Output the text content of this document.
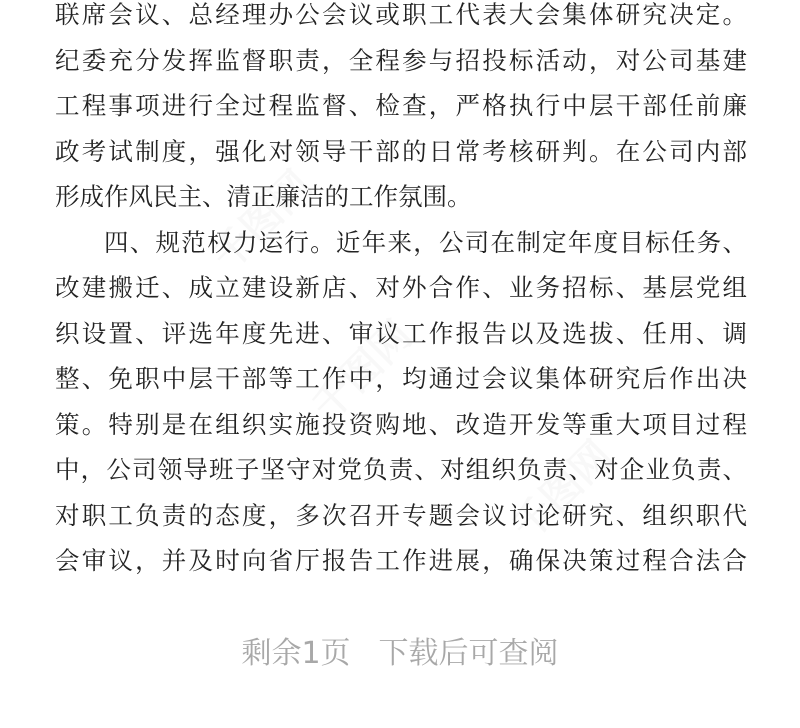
千图网
千图网
千图网
联席会议、总经理办公会议或职工代表大会集体研究决定。
纪委充分发挥监督职责，全程参与招投标活动，对公司基建
工程事项进行全过程监督、检查，严格执行中层干部任前廉
政考试制度，强化对领导干部的日常考核研判。在公司内部
形成作风民主、清正廉洁的工作氛围。
四、规范权力运行。近年来，公司在制定年度目标任务、
改建搬迁、成立建设新店、对外合作、业务招标、基层党组
织设置、评选年度先进、审议工作报告以及选拔、任用、调
整、免职中层干部等工作中，均通过会议集体研究后作出决
策。特别是在组织实施投资购地、改造开发等重大项目过程
中，公司领导班子坚守对党负责、对组织负责、对企业负责、
对职工负责的态度，多次召开专题会议讨论研究、组织职代
会审议，并及时向省厅报告工作进展，确保决策过程合法合
剩余1页 下载后可查阅
